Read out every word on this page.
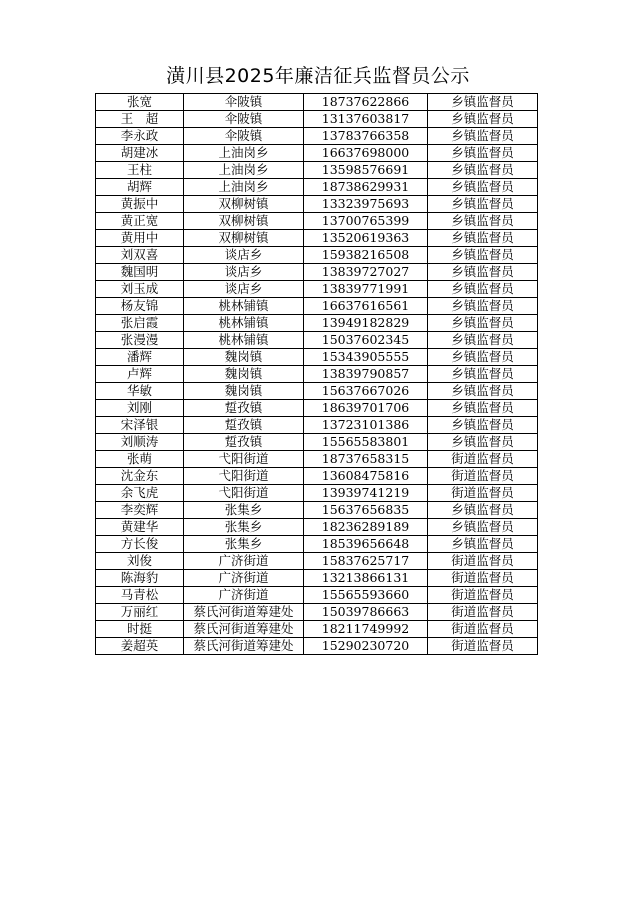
潢川县2025年廉洁征兵监督员公示
张宽	伞陂镇	18737622866	乡镇监督员
王　超	伞陂镇	13137603817	乡镇监督员
李永政	伞陂镇	13783766358	乡镇监督员
胡建冰	上油岗乡	16637698000	乡镇监督员
王柱	上油岗乡	13598576691	乡镇监督员
胡辉	上油岗乡	18738629931	乡镇监督员
黄振中	双柳树镇	13323975693	乡镇监督员
黄正宽	双柳树镇	13700765399	乡镇监督员
黄用中	双柳树镇	13520619363	乡镇监督员
刘双喜	谈店乡	15938216508	乡镇监督员
魏国明	谈店乡	13839727027	乡镇监督员
刘玉成	谈店乡	13839771991	乡镇监督员
杨友锦	桃林铺镇	16637616561	乡镇监督员
张启霞	桃林铺镇	13949182829	乡镇监督员
张漫漫	桃林铺镇	15037602345	乡镇监督员
潘辉	魏岗镇	15343905555	乡镇监督员
卢辉	魏岗镇	13839790857	乡镇监督员
华敏	魏岗镇	15637667026	乡镇监督员
刘刚	踅孜镇	18639701706	乡镇监督员
宋泽银	踅孜镇	13723101386	乡镇监督员
刘顺涛	踅孜镇	15565583801	乡镇监督员
张萌	弋阳街道	18737658315	街道监督员
沈金东	弋阳街道	13608475816	街道监督员
余飞虎	弋阳街道	13939741219	街道监督员
李奕辉	张集乡	15637656835	乡镇监督员
黄建华	张集乡	18236289189	乡镇监督员
方长俊	张集乡	18539656648	乡镇监督员
刘俊	广济街道	15837625717	街道监督员
陈海豹	广济街道	13213866131	街道监督员
马青松	广济街道	15565593660	街道监督员
万丽红	蔡氏河街道筹建处	15039786663	街道监督员
时挺	蔡氏河街道筹建处	18211749992	街道监督员
姜超英	蔡氏河街道筹建处	15290230720	街道监督员
